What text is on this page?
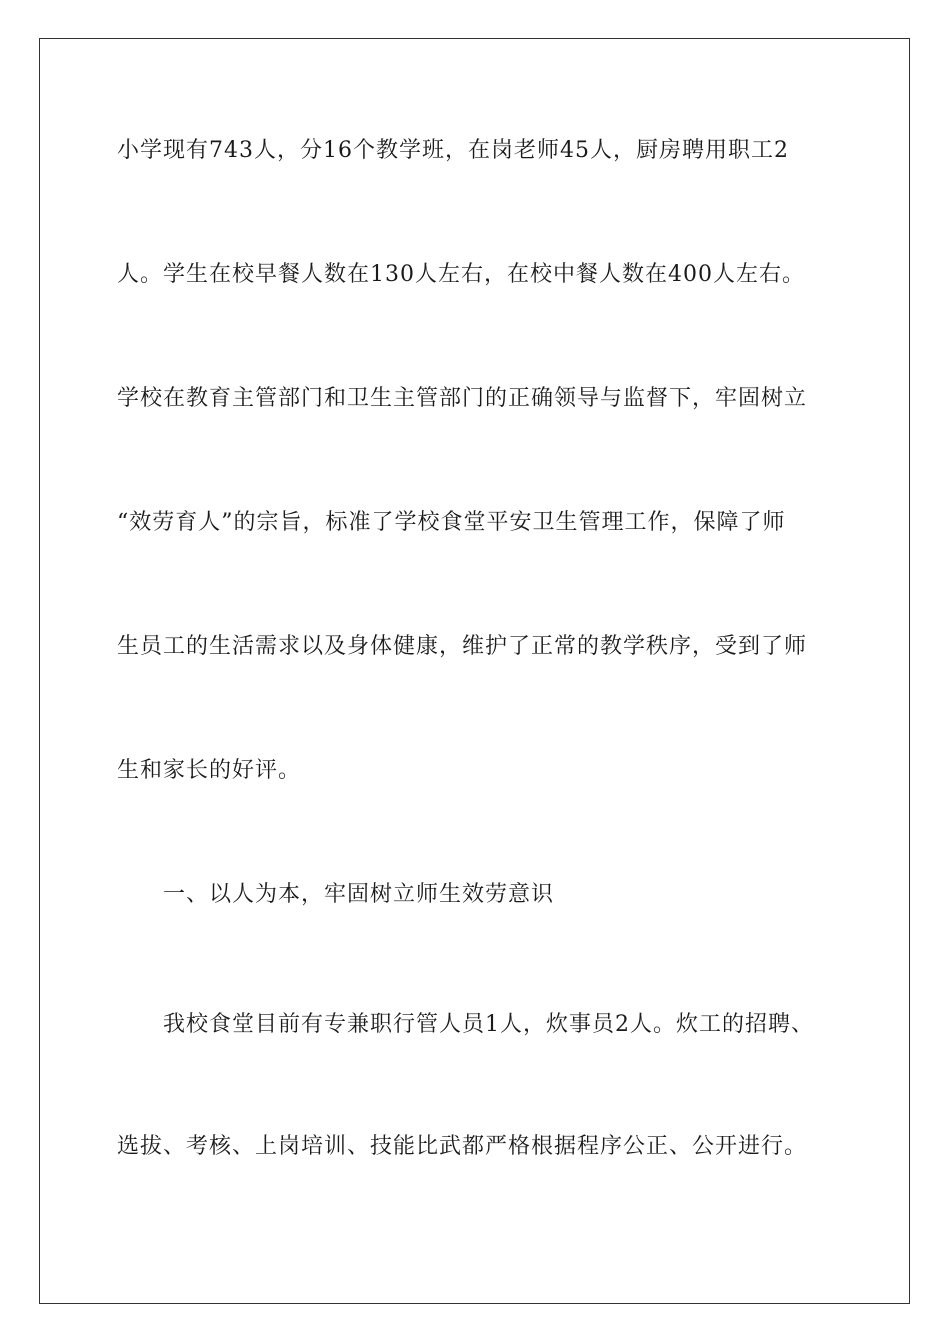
小学现有743人，分16个教学班，在岗老师45人，厨房聘用职工2
人。学生在校早餐人数在130人左右，在校中餐人数在400人左右。
学校在教育主管部门和卫生主管部门的正确领导与监督下，牢固树立
“效劳育人”的宗旨，标准了学校食堂平安卫生管理工作，保障了师
生员工的生活需求以及身体健康，维护了正常的教学秩序，受到了师
生和家长的好评。
一、以人为本，牢固树立师生效劳意识
我校食堂目前有专兼职行管人员1人，炊事员2人。炊工的招聘、
选拔、考核、上岗培训、技能比武都严格根据程序公正、公开进行。
